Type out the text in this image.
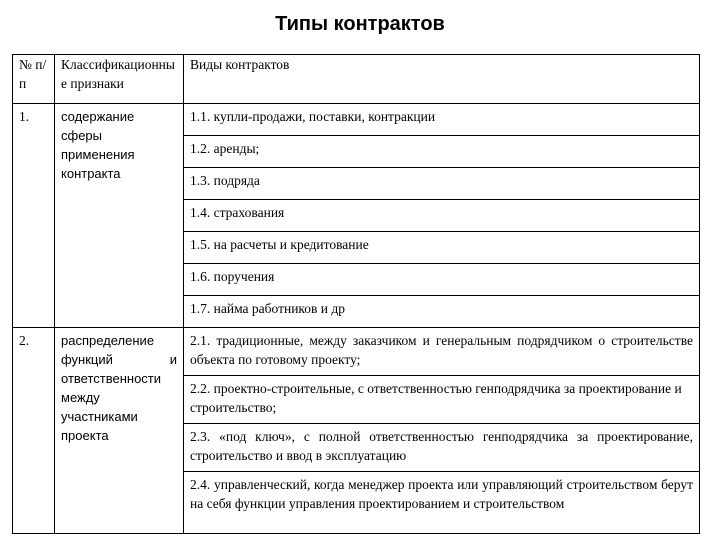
Типы контрактов
№ п/п	Классификационные признаки	Виды контрактов
1.	содержание сферы применения контракта	1.1. купли-продажи, поставки, контракции
		1.2. аренды;
		1.3. подряда
		1.4. страхования
		1.5. на расчеты и кредитование
		1.6. поручения
		1.7. найма работников и др
2.	распределение функций и ответственности между участниками проекта	2.1. традиционные, между заказчиком и генеральным подрядчиком о строительстве объекта по готовому проекту;
		2.2. проектно-строительные, с ответственностью генподрядчика за проектирование и строительство;
		2.3. «под ключ», с полной ответственностью генподрядчика за проектирование, строительство и ввод в эксплуатацию
		2.4. управленческий, когда менеджер проекта или управляющий строительством берут на себя функции управления проектированием и строительством
